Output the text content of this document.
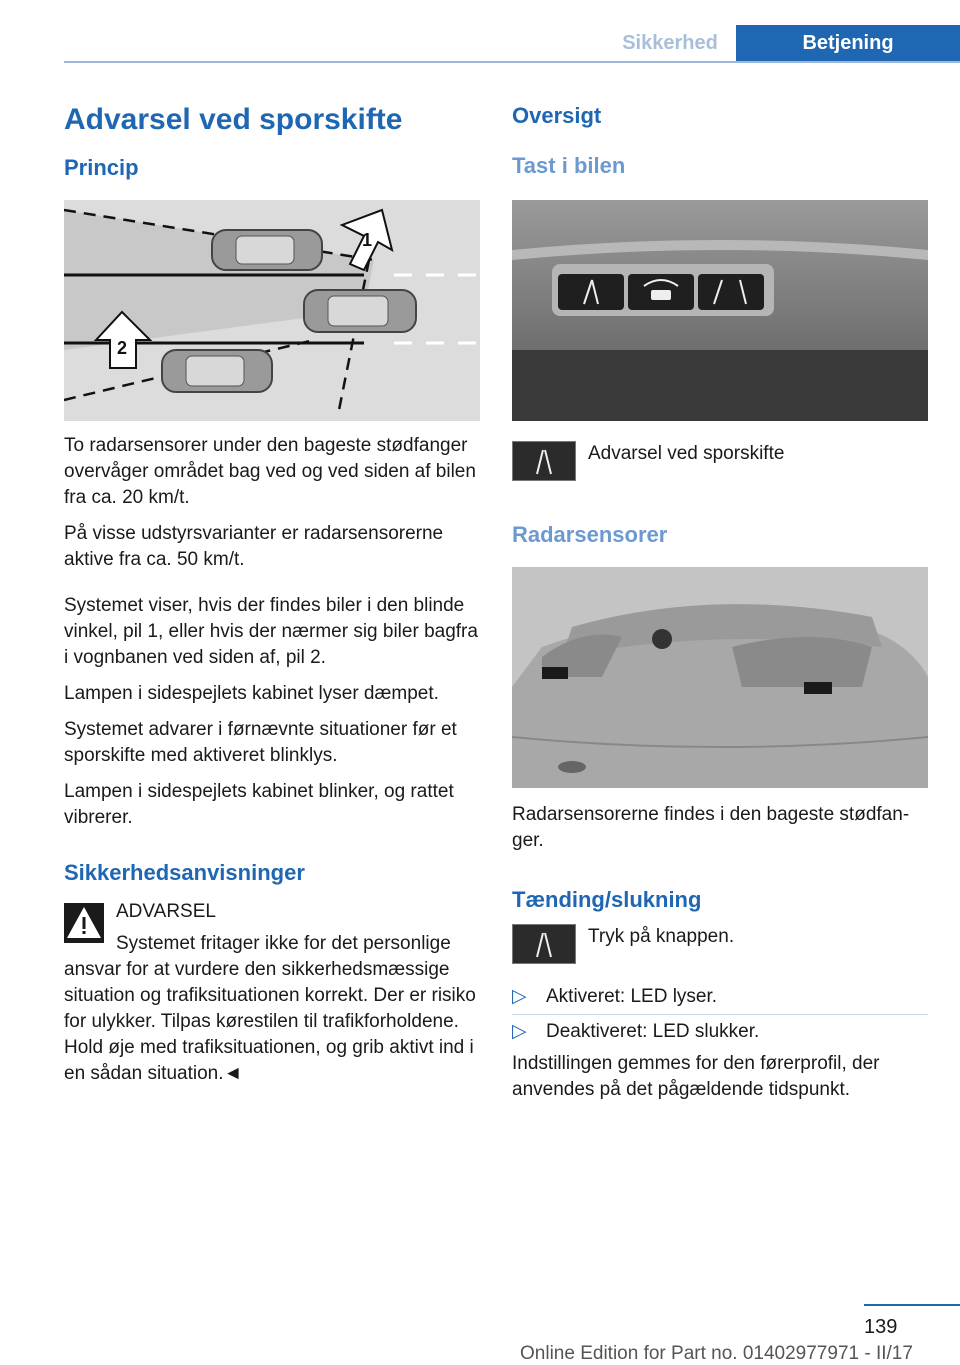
Sikkerhed	Betjening
Advarsel ved sporskifte
Princip
1
2

To radarsensorer under den bageste stødfanger overvåger området bag ved og ved siden af bilen fra ca. 20 km/t.

På visse udstyrsvarianter er radarsensorerne aktive fra ca. 50 km/t.

Systemet viser, hvis der findes biler i den blinde vinkel, pil 1, eller hvis der nærmer sig biler bagfra i vognbanen ved siden af, pil 2.

Lampen i sidespejlets kabinet lyser dæmpet.

Systemet advarer i førnævnte situationer før et sporskifte med aktiveret blinklys.

Lampen i sidespejlets kabinet blinker, og rattet vibrerer.

Sikkerhedsanvisninger

ADVARSEL

Systemet fritager ikke for det personlige

ansvar for at vurdere den sikkerhedsmæssige situation og trafiksituationen korrekt. Der er risiko for ulykker. Tilpas kørestilen til trafikforholdene. Hold øje med trafiksituationen, og grib aktivt ind i en sådan situation.◄

Oversigt
Tast i bilen
Advarsel ved sporskifte
Radarsensorer

Radarsensorerne findes i den bageste stødfanger.

Tænding/slukning
Tryk på knappen.
▷	Aktiveret: LED lyser.
▷	Deaktiveret: LED slukker.

Indstillingen gemmes for den førerprofil, der anvendes på det pågældende tidspunkt.

139
Online Edition for Part no. 01402977971 - II/17
